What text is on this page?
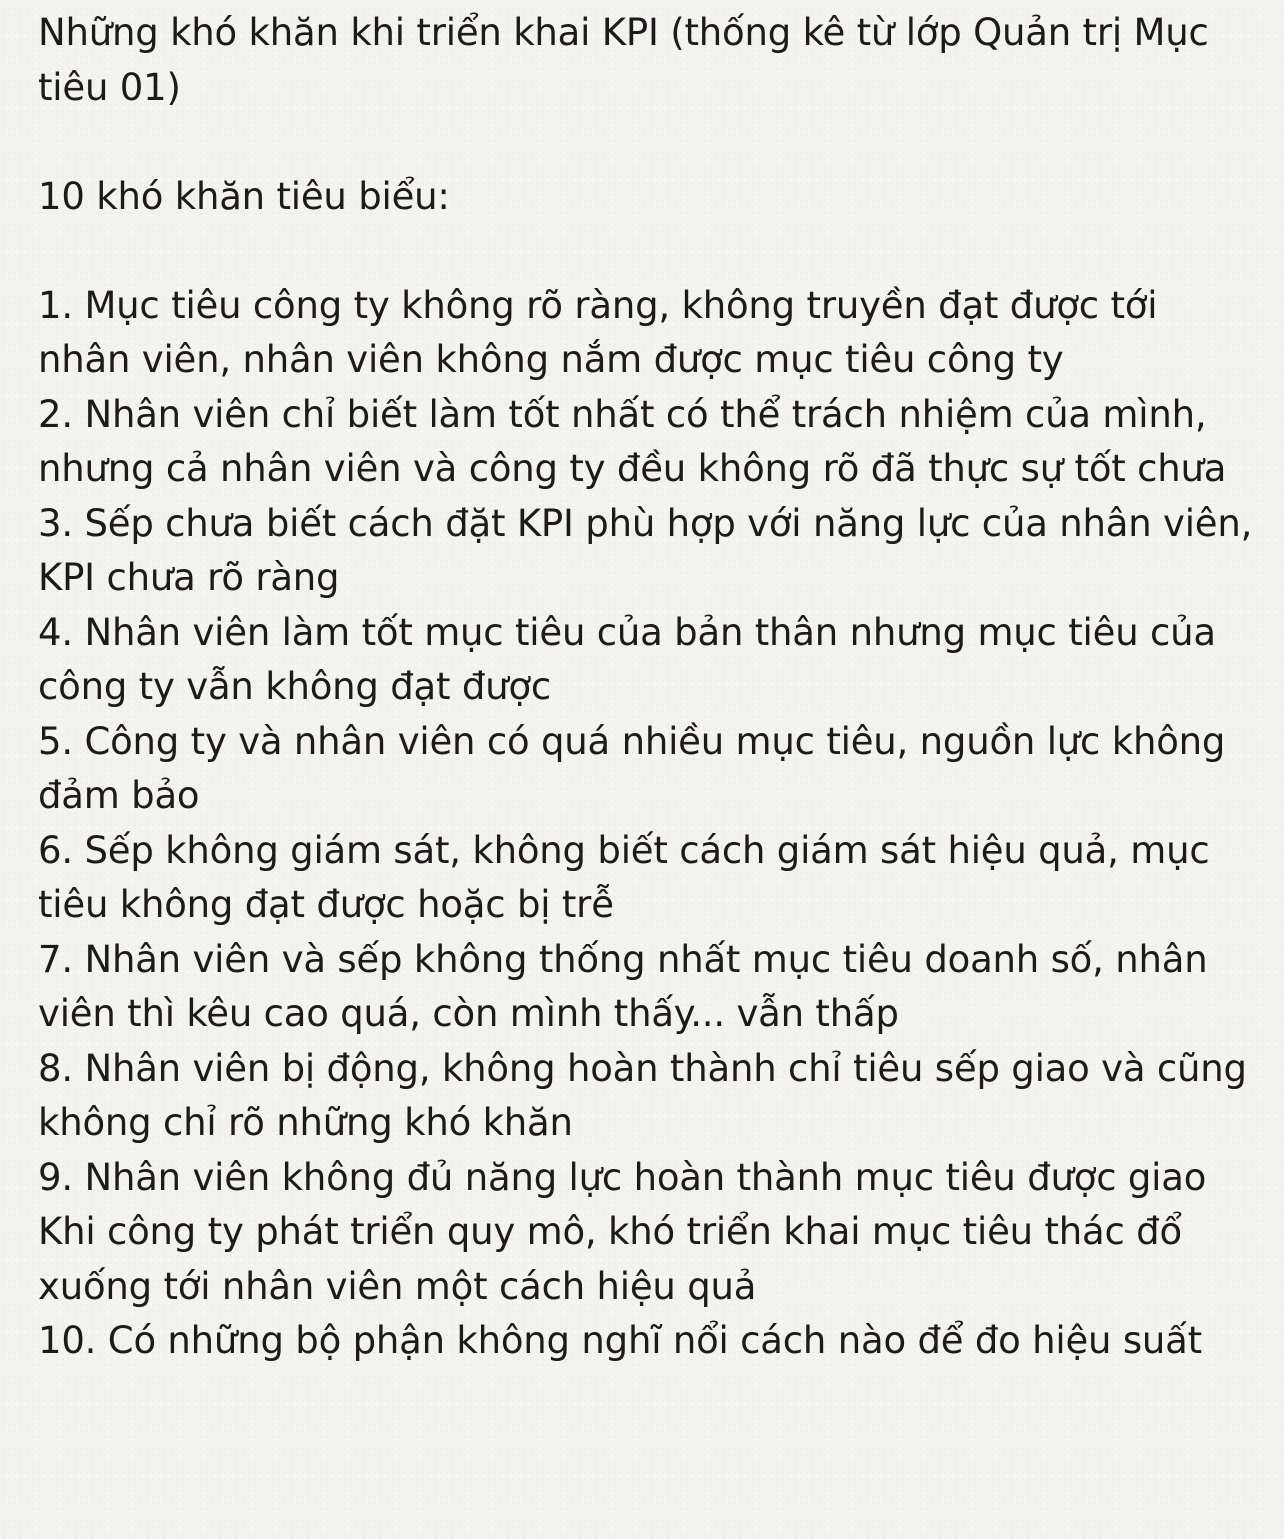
Những khó khăn khi triển khai KPI (thống kê từ lớp Quản trị Mục tiêu 01)

10 khó khăn tiêu biểu:

1. Mục tiêu công ty không rõ ràng, không truyền đạt được tới nhân viên, nhân viên không nắm được mục tiêu công ty

2. Nhân viên chỉ biết làm tốt nhất có thể trách nhiệm của mình, nhưng cả nhân viên và công ty đều không rõ đã thực sự tốt chưa

3. Sếp chưa biết cách đặt KPI phù hợp với năng lực của nhân viên, KPI chưa rõ ràng

4. Nhân viên làm tốt mục tiêu của bản thân nhưng mục tiêu của công ty vẫn không đạt được

5. Công ty và nhân viên có quá nhiều mục tiêu, nguồn lực không đảm bảo

6. Sếp không giám sát, không biết cách giám sát hiệu quả, mục tiêu không đạt được hoặc bị trễ

7. Nhân viên và sếp không thống nhất mục tiêu doanh số, nhân viên thì kêu cao quá, còn mình thấy... vẫn thấp

8. Nhân viên bị động, không hoàn thành chỉ tiêu sếp giao và cũng không chỉ rõ những khó khăn

9. Nhân viên không đủ năng lực hoàn thành mục tiêu được giao

Khi công ty phát triển quy mô, khó triển khai mục tiêu thác đổ xuống tới nhân viên một cách hiệu quả

10. Có những bộ phận không nghĩ nổi cách nào để đo hiệu suất
